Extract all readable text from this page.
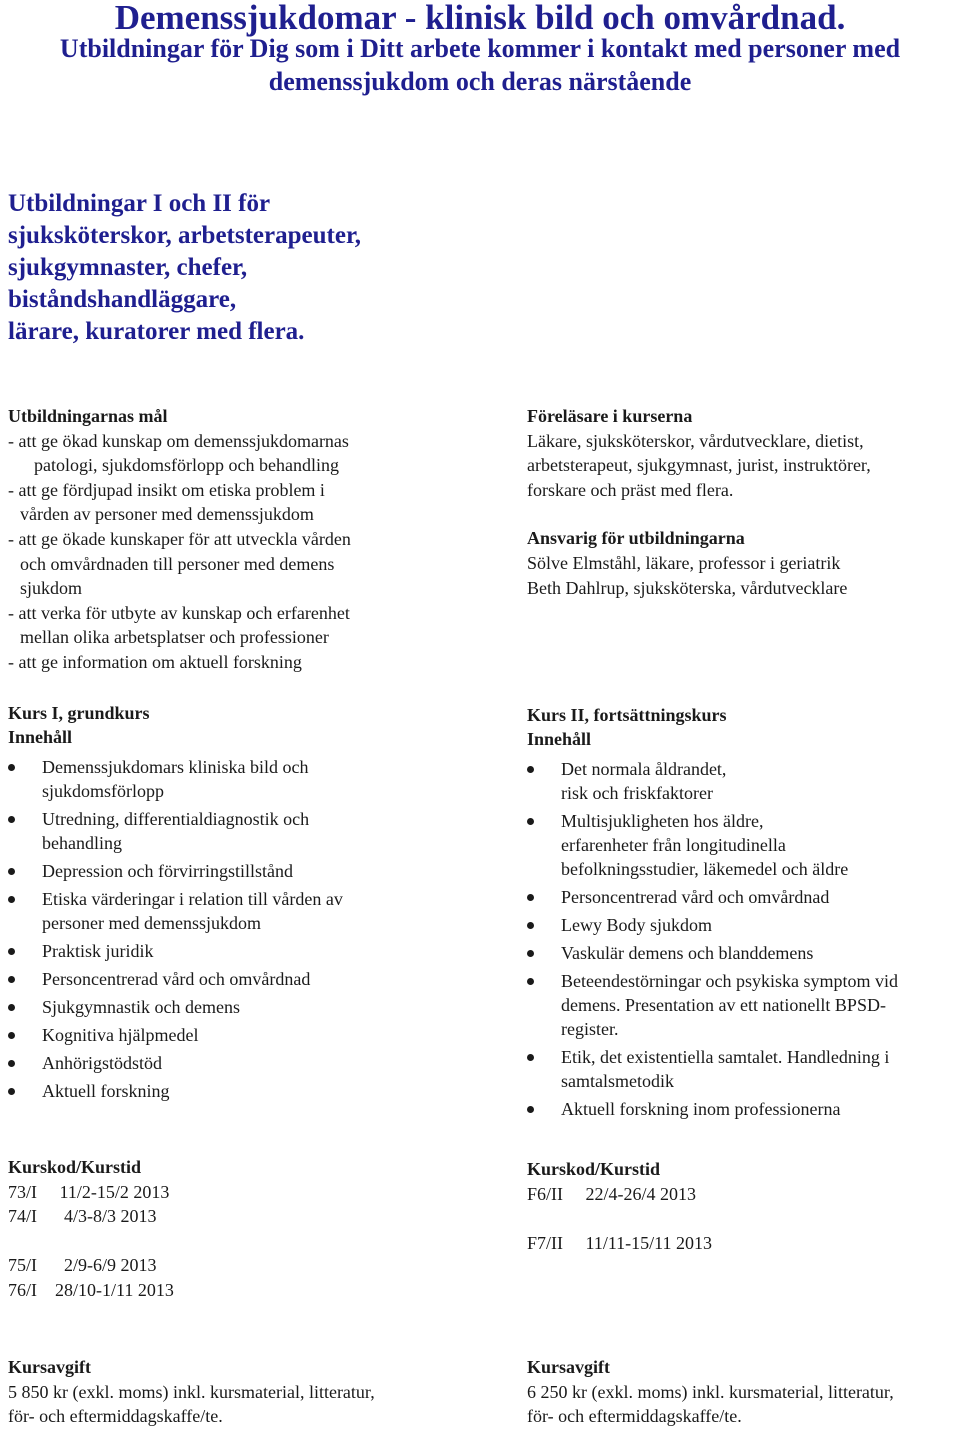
Demenssjukdomar - klinisk bild och omvårdnad.
Utbildningar för Dig som i Ditt arbete kommer i kontakt med personer med
demenssjukdom och deras närstående
Utbildningar I och II för
sjuksköterskor, arbetsterapeuter,
sjukgymnaster, chefer,
biståndshandläggare,
lärare, kuratorer med flera.
Utbildningarnas mål
- att ge ökad kunskap om demenssjukdomarnas
patologi, sjukdomsförlopp och behandling
- att ge fördjupad insikt om etiska problem i
vården av personer med demenssjukdom
- att ge ökade kunskaper för att utveckla vården
och omvårdnaden till personer med demens
sjukdom
- att verka för utbyte av kunskap och erfarenhet
mellan olika arbetsplatser och professioner
- att ge information om aktuell forskning
Föreläsare i kurserna
Läkare, sjuksköterskor, vårdutvecklare, dietist,
arbetsterapeut, sjukgymnast, jurist, instruktörer,
forskare och präst med flera.
Ansvarig för utbildningarna
Sölve Elmståhl, läkare, professor i geriatrik
Beth Dahlrup, sjuksköterska, vårdutvecklare
Kurs I, grundkurs
Innehåll
Demenssjukdomars kliniska bild och
sjukdomsförlopp
Utredning, differentialdiagnostik och
behandling
Depression och förvirringstillstånd
Etiska värderingar i relation till vården av
personer med demenssjukdom
Praktisk juridik
Personcentrerad vård och omvårdnad
Sjukgymnastik och demens
Kognitiva hjälpmedel
Anhörigstödstöd
Aktuell forskning
Kurs II, fortsättningskurs
Innehåll
Det normala åldrandet,
risk och friskfaktorer
Multisjukligheten hos äldre,
erfarenheter från longitudinella
befolkningsstudier, läkemedel och äldre
Personcentrerad vård och omvårdnad
Lewy Body sjukdom
Vaskulär demens och blanddemens
Beteendestörningar och psykiska symptom vid
demens. Presentation av ett nationellt BPSD-
register.
Etik, det existentiella samtalet. Handledning i
samtalsmetodik
Aktuell forskning inom professionerna
Kurskod/Kurstid
73/I     11/2-15/2 2013
74/I      4/3-8/3 2013
75/I      2/9-6/9 2013
76/I    28/10-1/11 2013
Kurskod/Kurstid
F6/II     22/4-26/4 2013
F7/II     11/11-15/11 2013
Kursavgift
5 850 kr (exkl. moms) inkl. kursmaterial, litteratur,
för- och eftermiddagskaffe/te.
Kursavgift
6 250 kr (exkl. moms) inkl. kursmaterial, litteratur,
för- och eftermiddagskaffe/te.
